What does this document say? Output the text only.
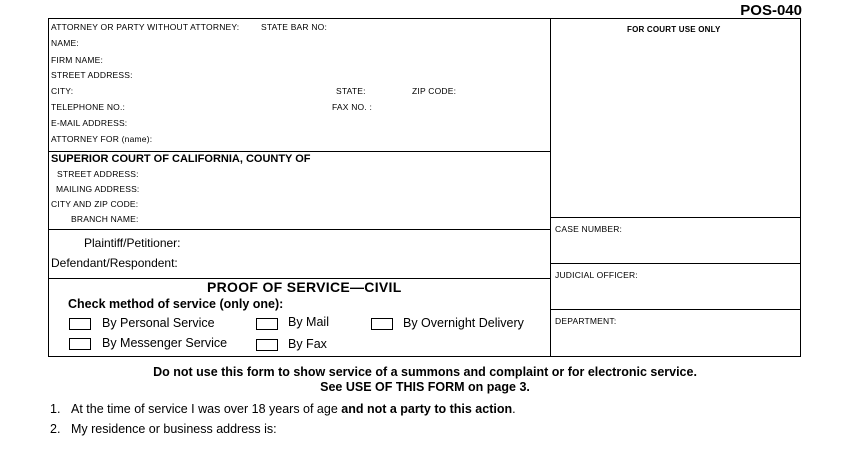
POS-040
ATTORNEY OR PARTY WITHOUT ATTORNEY:	STATE BAR NO:
NAME:
FIRM NAME:
STREET ADDRESS:
CITY:	STATE:	ZIP CODE:
TELEPHONE NO.:	FAX NO. :
E-MAIL ADDRESS:
ATTORNEY FOR (name):
SUPERIOR COURT OF CALIFORNIA, COUNTY OF
STREET ADDRESS:
MAILING ADDRESS:
CITY AND ZIP CODE:
BRANCH NAME:
FOR COURT USE ONLY
CASE NUMBER:
JUDICIAL OFFICER:
DEPARTMENT:
Plaintiff/Petitioner:
Defendant/Respondent:
PROOF OF SERVICE—CIVIL
Check method of service (only one):
By Personal Service	By Mail	By Overnight Delivery
By Messenger Service	By Fax
Do not use this form to show service of a summons and complaint or for electronic service.
See USE OF THIS FORM on page 3.
1. At the time of service I was over 18 years of age and not a party to this action.
2. My residence or business address is:
